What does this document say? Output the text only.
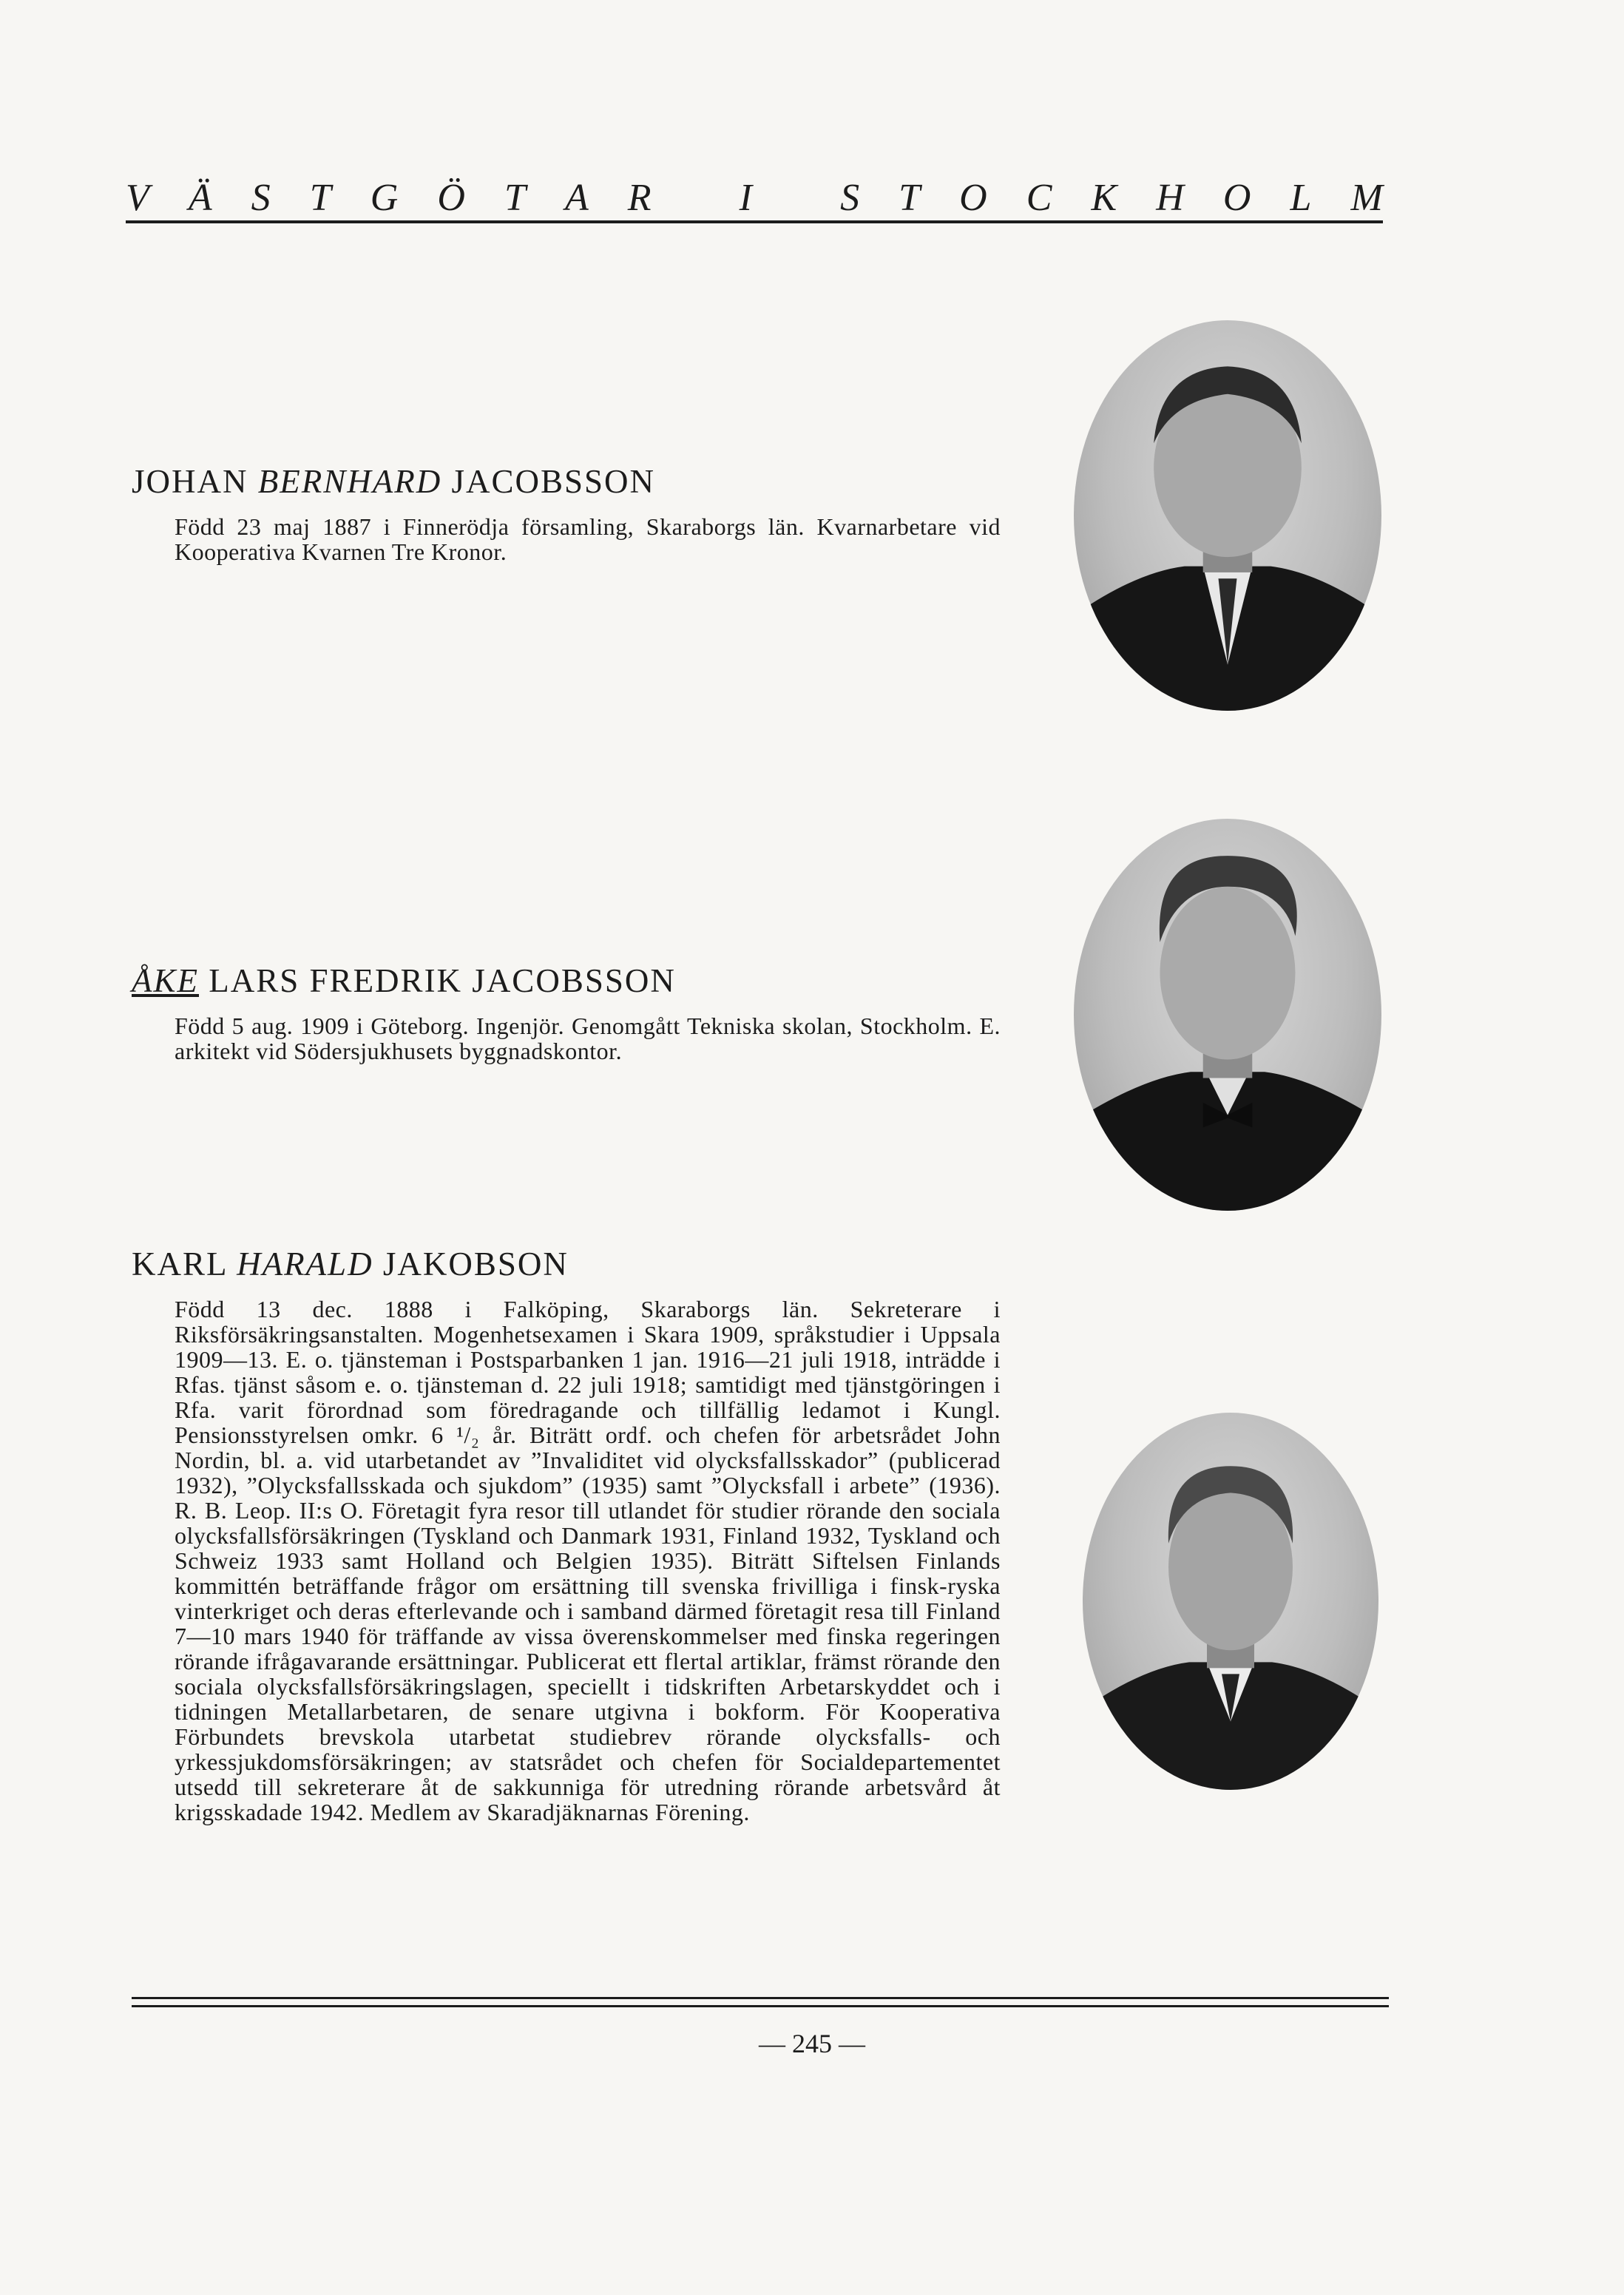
V Ä S T G Ö T A R
I
S T O C K H O L M
JOHAN BERNHARD JACOBSSON

Född 23 maj 1887 i Finnerödja församling, Skaraborgs län. Kvarnarbetare vid Kooperativa Kvarnen Tre Kronor.

ÅKE LARS FREDRIK JACOBSSON

Född 5 aug. 1909 i Göteborg. Ingenjör. Genomgått Tekniska skolan, Stockholm. E. arkitekt vid Södersjukhusets byggnadskontor.

KARL HARALD JAKOBSON

Född 13 dec. 1888 i Falköping, Skaraborgs län. Sekreterare i Riksförsäkringsanstalten. Mogenhetsexamen i Skara 1909, språkstudier i Uppsala 1909—13. E. o. tjänsteman i Postsparbanken 1 jan. 1916—21 juli 1918, inträdde i Rfas. tjänst såsom e. o. tjänsteman d. 22 juli 1918; samtidigt med tjänstgöringen i Rfa. varit förordnad som föredragande och tillfällig ledamot i Kungl. Pensionsstyrelsen omkr. 6 ¹/₂ år. Biträtt ordf. och chefen för arbetsrådet John Nordin, bl. a. vid utarbetandet av ”Invaliditet vid olycksfallsskador” (publicerad 1932), ”Olycksfallsskada och sjukdom” (1935) samt ”Olycksfall i arbete” (1936). R. B. Leop. II:s O. Företagit fyra resor till utlandet för studier rörande den sociala olycksfallsförsäkringen (Tyskland och Danmark 1931, Finland 1932, Tyskland och Schweiz 1933 samt Holland och Belgien 1935). Biträtt Siftelsen Finlands kommittén beträffande frågor om ersättning till svenska frivilliga i finsk-ryska vinterkriget och deras efterlevande och i samband därmed företagit resa till Finland 7—10 mars 1940 för träffande av vissa överenskommelser med finska regeringen rörande ifrågavarande ersättningar. Publicerat ett flertal artiklar, främst rörande den sociala olycksfallsförsäkringslagen, speciellt i tidskriften Arbetarskyddet och i tidningen Metallarbetaren, de senare utgivna i bokform. För Kooperativa Förbundets brevskola utarbetat studiebrev rörande olycksfalls- och yrkessjukdomsförsäkringen; av statsrådet och chefen för Socialdepartementet utsedd till sekreterare åt de sakkunniga för utredning rörande arbetsvård åt krigsskadade 1942. Medlem av Skaradjäknarnas Förening.

— 245 —
